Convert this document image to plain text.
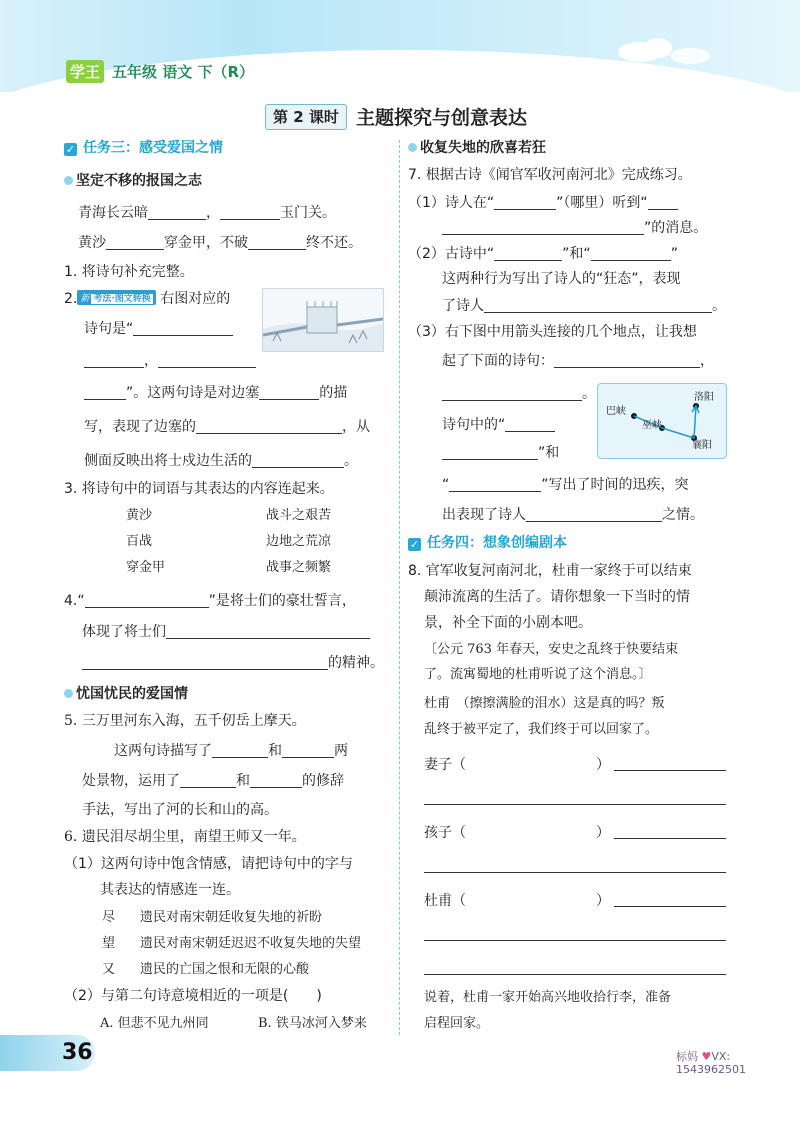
学王 五年级 语文 下（R）
第 2 课时 主题探究与创意表达
✓ 任务三：感受爱国之情
坚定不移的报国之志
青海长云暗	，	玉门关。
黄沙	穿金甲，不破	终不还。
1. 将诗句补充完整。
2. 新 考法·图文转换 右图对应的
诗句是“
，
”。这两句诗是对边塞	的描
写，表现了边塞的	，从
侧面反映出将士戍边生活的	。
3. 将诗句中的词语与其表达的内容连起来。
黄沙
百战
穿金甲
战斗之艰苦
边地之荒凉
战事之频繁
4.“	”是将士们的豪壮誓言，
体现了将士们
的精神。
忧国忧民的爱国情
5. 三万里河东入海，五千仞岳上摩天。
这两句诗描写了	和	两
处景物，运用了	和	的修辞
手法，写出了河的长和山的高。
6. 遗民泪尽胡尘里，南望王师又一年。
（1）这两句诗中饱含情感，请把诗句中的字与
其表达的情感连一连。
尽 遗民对南宋朝廷收复失地的祈盼
望 遗民对南宋朝廷迟迟不收复失地的失望
又 遗民的亡国之恨和无限的心酸
（2）与第二句诗意境相近的一项是(　　)
A. 但悲不见九州同	B. 铁马冰河入梦来
收复失地的欣喜若狂
7. 根据古诗《闻官军收河南河北》完成练习。
（1）诗人在“	”（哪里）听到“
”的消息。
（2）古诗中“	”和“	”
这两种行为写出了诗人的“狂态”，表现
了诗人	。
（3）右下图中用箭头连接的几个地点，让我想
起了下面的诗句：	，
。
巴峡
巫峡
襄阳
洛阳
诗句中的“
”和
“	”写出了时间的迅疾，突
出表现了诗人	之情。
✓ 任务四：想象创编剧本
8. 官军收复河南河北，杜甫一家终于可以结束
颠沛流离的生活了。请你想象一下当时的情
景，补全下面的小剧本吧。
〔公元 763 年春天，安史之乱终于快要结束
了。流寓蜀地的杜甫听说了这个消息。〕
杜甫　（擦擦满脸的泪水）这是真的吗？叛
乱终于被平定了，我们终于可以回家了。
妻子（	）
孩子（	）
杜甫（	）
说着，杜甫一家开始高兴地收拾行李，准备
启程回家。
36	标妈 ♥VX:
1543962501
